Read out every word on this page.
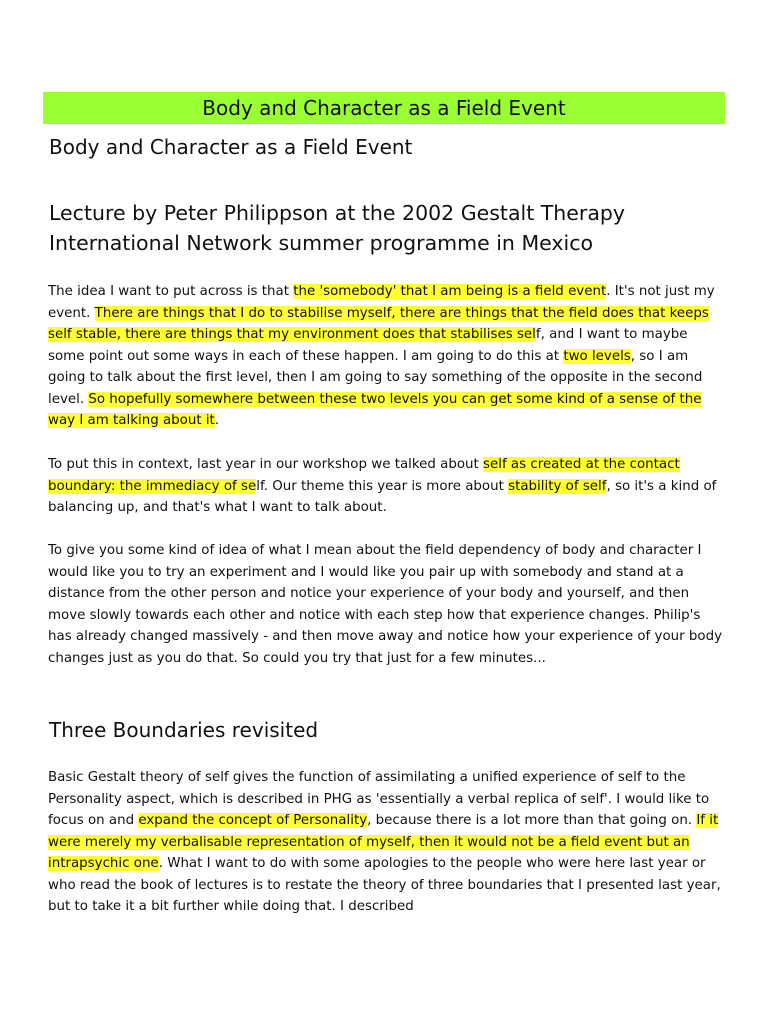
Body and Character as a Field Event
Body and Character as a Field Event
Lecture by Peter Philippson at the 2002 Gestalt Therapy International Network summer programme in Mexico

The idea I want to put across is that the 'somebody' that I am being is a field event. It's not just my event. There are things that I do to stabilise myself, there are things that the field does that keeps self stable, there are things that my environment does that stabilises self, and I want to maybe some point out some ways in each of these happen. I am going to do this at two levels, so I am going to talk about the first level, then I am going to say something of the opposite in the second level. So hopefully somewhere between these two levels you can get some kind of a sense of the way I am talking about it.

To put this in context, last year in our workshop we talked about self as created at the contact boundary: the immediacy of self. Our theme this year is more about stability of self, so it's a kind of balancing up, and that's what I want to talk about.

To give you some kind of idea of what I mean about the field dependency of body and character I would like you to try an experiment and I would like you pair up with somebody and stand at a distance from the other person and notice your experience of your body and yourself, and then move slowly towards each other and notice with each step how that experience changes. Philip's has already changed massively - and then move away and notice how your experience of your body changes just as you do that. So could you try that just for a few minutes...

Three Boundaries revisited

Basic Gestalt theory of self gives the function of assimilating a unified experience of self to the Personality aspect, which is described in PHG as 'essentially a verbal replica of self'. I would like to focus on and expand the concept of Personality, because there is a lot more than that going on. If it were merely my verbalisable representation of myself, then it would not be a field event but an intrapsychic one. What I want to do with some apologies to the people who were here last year or who read the book of lectures is to restate the theory of three boundaries that I presented last year, but to take it a bit further while doing that. I described
